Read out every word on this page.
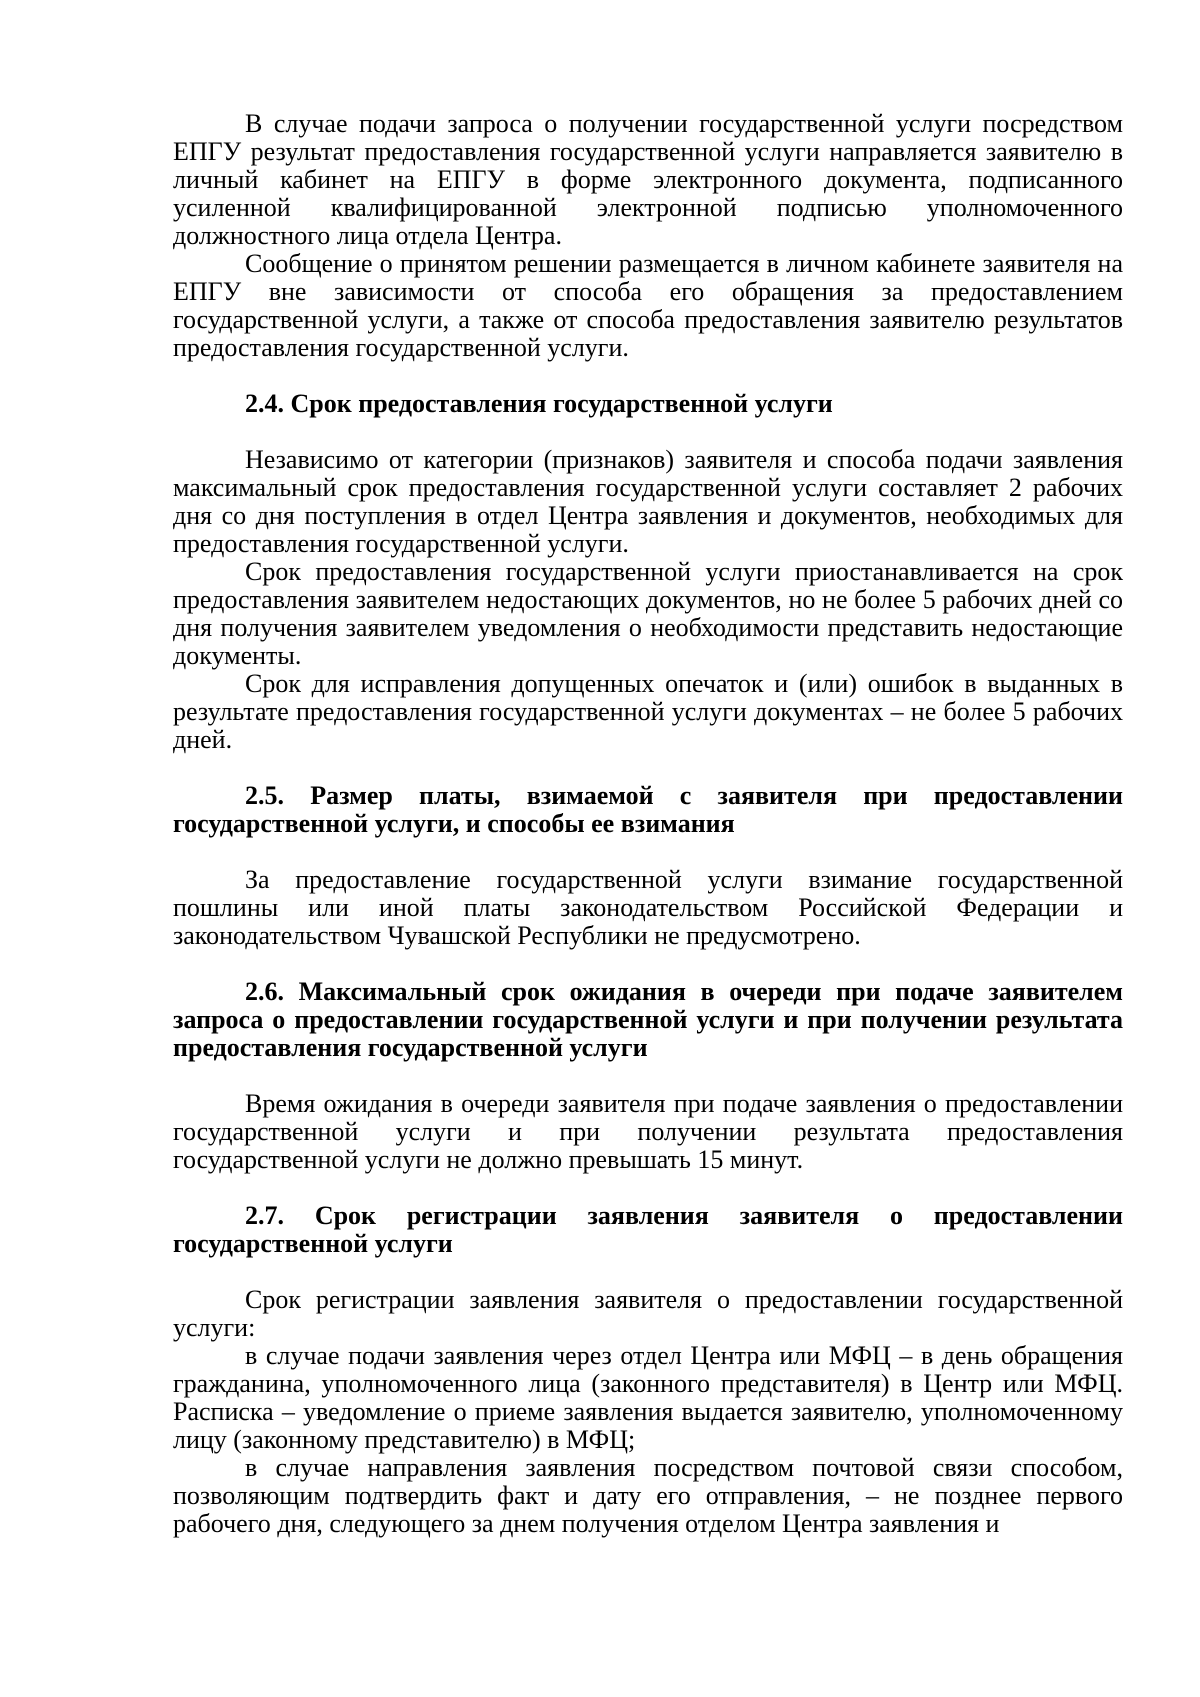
В случае подачи запроса о получении государственной услуги посредством ЕПГУ результат предоставления государственной услуги направляется заявителю в личный кабинет на ЕПГУ в форме электронного документа, подписанного усиленной квалифицированной электронной подписью уполномоченного должностного лица отдела Центра.

Сообщение о принятом решении размещается в личном кабинете заявителя на ЕПГУ вне зависимости от способа его обращения за предоставлением государственной услуги, а также от способа предоставления заявителю результатов предоставления государственной услуги.

2.4. Срок предоставления государственной услуги

Независимо от категории (признаков) заявителя и способа подачи заявления максимальный срок предоставления государственной услуги составляет 2 рабочих дня со дня поступления в отдел Центра заявления и документов, необходимых для предоставления государственной услуги.

Срок предоставления государственной услуги приостанавливается на срок предоставления заявителем недостающих документов, но не более 5 рабочих дней со дня получения заявителем уведомления о необходимости представить недостающие документы.

Срок для исправления допущенных опечаток и (или) ошибок в выданных в результате предоставления государственной услуги документах – не более 5 рабочих дней.

2.5. Размер платы, взимаемой с заявителя при предоставлении государственной услуги, и способы ее взимания

За предоставление государственной услуги взимание государственной пошлины или иной платы законодательством Российской Федерации и законодательством Чувашской Республики не предусмотрено.

2.6. Максимальный срок ожидания в очереди при подаче заявителем запроса о предоставлении государственной услуги и при получении результата предоставления государственной услуги

Время ожидания в очереди заявителя при подаче заявления о предоставлении государственной услуги и при получении результата предоставления государственной услуги не должно превышать 15 минут.

2.7. Срок регистрации заявления заявителя о предоставлении государственной услуги

Срок регистрации заявления заявителя о предоставлении государственной услуги:

в случае подачи заявления через отдел Центра или МФЦ – в день обращения гражданина, уполномоченного лица (законного представителя) в Центр или МФЦ. Расписка – уведомление о приеме заявления выдается заявителю, уполномоченному лицу (законному представителю) в МФЦ;

в случае направления заявления посредством почтовой связи способом, позволяющим подтвердить факт и дату его отправления, – не позднее первого рабочего дня, следующего за днем получения отделом Центра заявления и
